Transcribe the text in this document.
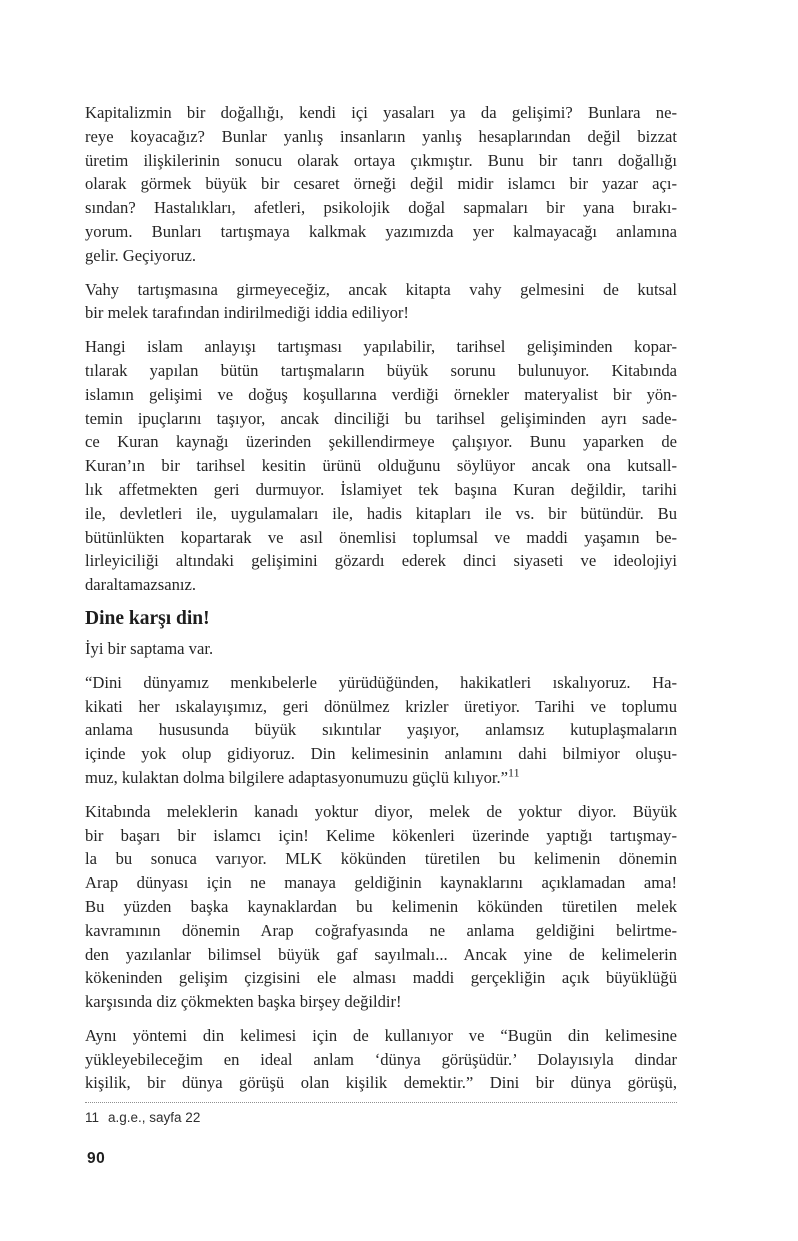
Kapitalizmin bir doğallığı, kendi içi yasaları ya da gelişimi? Bunlara ne-
reye koyacağız? Bunlar yanlış insanların yanlış hesaplarından değil bizzat
üretim ilişkilerinin sonucu olarak ortaya çıkmıştır. Bunu bir tanrı doğallığı
olarak görmek büyük bir cesaret örneği değil midir islamcı bir yazar açı-
sından? Hastalıkları, afetleri, psikolojik doğal sapmaları bir yana bırakı-
yorum. Bunları tartışmaya kalkmak yazımızda yer kalmayacağı anlamına
gelir. Geçiyoruz.
Vahy tartışmasına girmeyeceğiz, ancak kitapta vahy gelmesini de kutsal
bir melek tarafından indirilmediği iddia ediliyor!
Hangi islam anlayışı tartışması yapılabilir, tarihsel gelişiminden kopar-
tılarak yapılan bütün tartışmaların büyük sorunu bulunuyor. Kitabında
islamın gelişimi ve doğuş koşullarına verdiği örnekler materyalist bir yön-
temin ipuçlarını taşıyor, ancak dinciliği bu tarihsel gelişiminden ayrı sade-
ce Kuran kaynağı üzerinden şekillendirmeye çalışıyor. Bunu yaparken de
Kuran’ın bir tarihsel kesitin ürünü olduğunu söylüyor ancak ona kutsall-
lık affetmekten geri durmuyor. İslamiyet tek başına Kuran değildir, tarihi
ile, devletleri ile, uygulamaları ile, hadis kitapları ile vs. bir bütündür. Bu
bütünlükten kopartarak ve asıl önemlisi toplumsal ve maddi yaşamın be-
lirleyiciliği altındaki gelişimini gözardı ederek dinci siyaseti ve ideolojiyi
daraltamazsanız.
Dine karşı din!
İyi bir saptama var.
“Dini dünyamız menkıbelerle yürüdüğünden, hakikatleri ıskalıyoruz. Ha-
kikati her ıskalayışımız, geri dönülmez krizler üretiyor. Tarihi ve toplumu
anlama hususunda büyük sıkıntılar yaşıyor, anlamsız kutuplaşmaların
içinde yok olup gidiyoruz. Din kelimesinin anlamını dahi bilmiyor oluşu-
muz, kulaktan dolma bilgilere adaptasyonumuzu güçlü kılıyor.”$^{11}$
Kitabında meleklerin kanadı yoktur diyor, melek de yoktur diyor. Büyük
bir başarı bir islamcı için! Kelime kökenleri üzerinde yaptığı tartışmay-
la bu sonuca varıyor. MLK kökünden türetilen bu kelimenin dönemin
Arap dünyası için ne manaya geldiğinin kaynaklarını açıklamadan ama!
Bu yüzden başka kaynaklardan bu kelimenin kökünden türetilen melek
kavramının dönemin Arap coğrafyasında ne anlama geldiğini belirtme-
den yazılanlar bilimsel büyük gaf sayılmalı... Ancak yine de kelimelerin
kökeninden gelişim çizgisini ele alması maddi gerçekliğin açık büyüklüğü
karşısında diz çökmekten başka birşey değildir!
Aynı yöntemi din kelimesi için de kullanıyor ve “Bugün din kelimesine
yükleyebileceğim en ideal anlam ‘dünya görüşüdür.’ Dolayısıyla dindar
kişilik, bir dünya görüşü olan kişilik demektir.” Dini bir dünya görüşü,
11 a.g.e., sayfa 22
90
